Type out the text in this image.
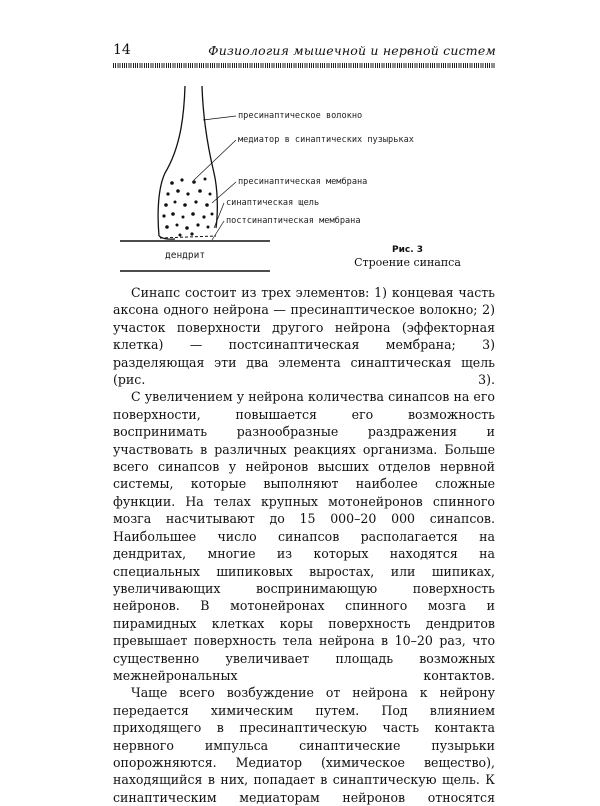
14	Физиология мышечной и нервной систем
пресинаптическое волокно
медиатор в синаптических пузырьках
пресинаптическая мембрана
синаптическая щель
постсинаптическая мембрана
дендрит	Рис. 3
Строение синапса

Синапс состоит из трех элементов: 1) концевая часть аксона одного нейрона — пресинаптическое волокно; 2) участок поверхности другого нейрона (эффекторная клетка) — постсинаптическая мембрана; 3) разделяющая эти два элемента синаптическая щель (рис. 3).

С увеличением у нейрона количества синапсов на его поверхности, повышается его возможность воспринимать разнообразные раздражения и участвовать в различных реакциях организма. Больше всего синапсов у нейронов высших отделов нервной системы, которые выполняют наиболее сложные функции. На телах крупных мотонейронов спинного мозга насчитывают до 15 000–20 000 синапсов. Наибольшее число синапсов располагается на дендритах, многие из которых находятся на специальных шипиковых выростах, или шипиках, увеличивающих воспринимающую поверхность нейронов. В мотонейронах спинного мозга и пирамидных клетках коры поверхность дендритов превышает поверхность тела нейрона в 10–20 раз, что существенно увеличивает площадь возможных межнейрональных контактов.

Чаще всего возбуждение от нейрона к нейрону передается химическим путем. Под влиянием приходящего в пресинаптическую часть контакта нервного импульса синаптические пузырьки опорожняются. Медиатор (химическое вещество), находящийся в них, попадает в синаптическую щель. К синаптическим медиаторам нейронов относятся
